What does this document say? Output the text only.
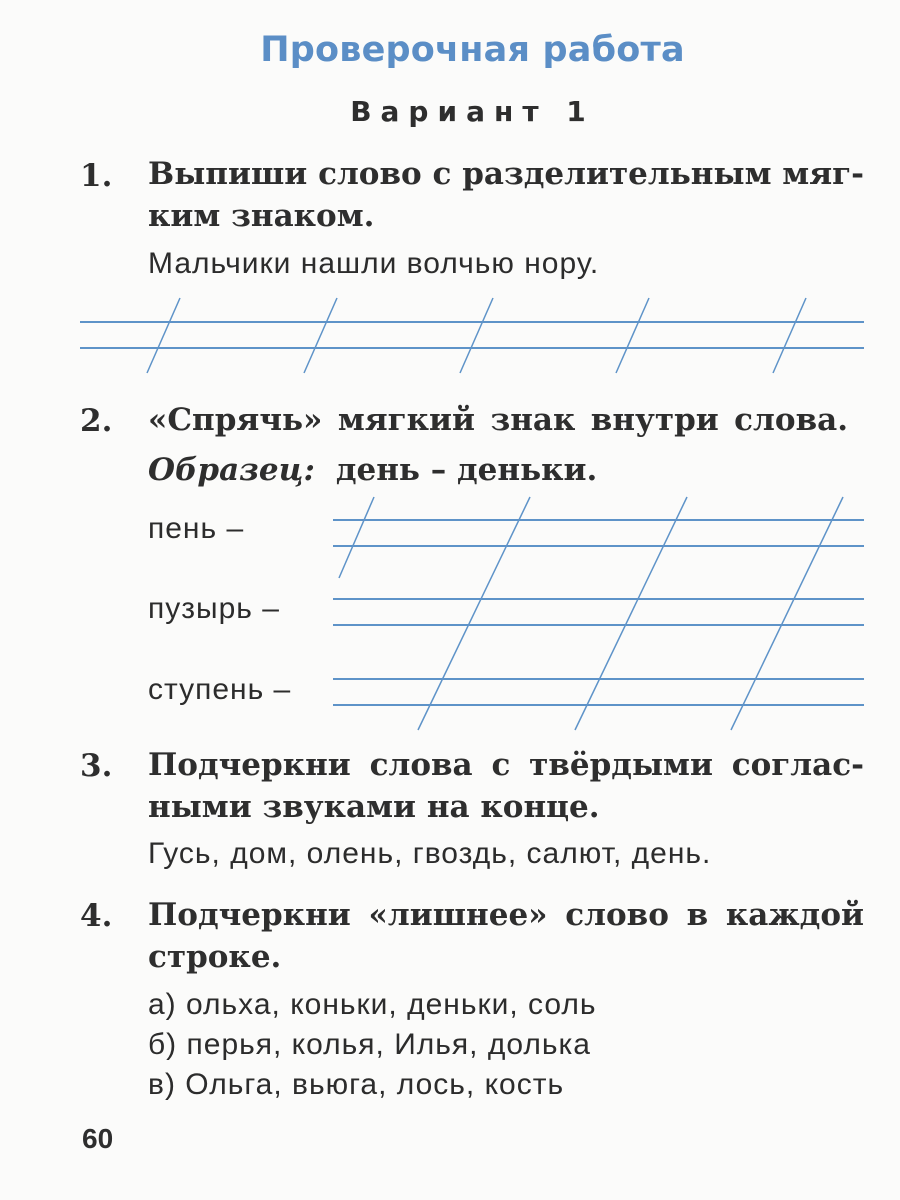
Проверочная работа
Вариант 1
1. Выпиши слово с разделительным мяг-
ким знаком.
Мальчики нашли волчью нору.
2. «Спрячь» мягкий знак внутри слова.
Образец: день – деньки.
пень –
пузырь –
ступень –
3. Подчеркни слова с твёрдыми соглас-
ными звуками на конце.
Гусь, дом, олень, гвоздь, салют, день.
4. Подчеркни «лишнее» слово в каждой
строке.
а) ольха, коньки, деньки, соль
б) перья, колья, Илья, долька
в) Ольга, вьюга, лось, кость
60
